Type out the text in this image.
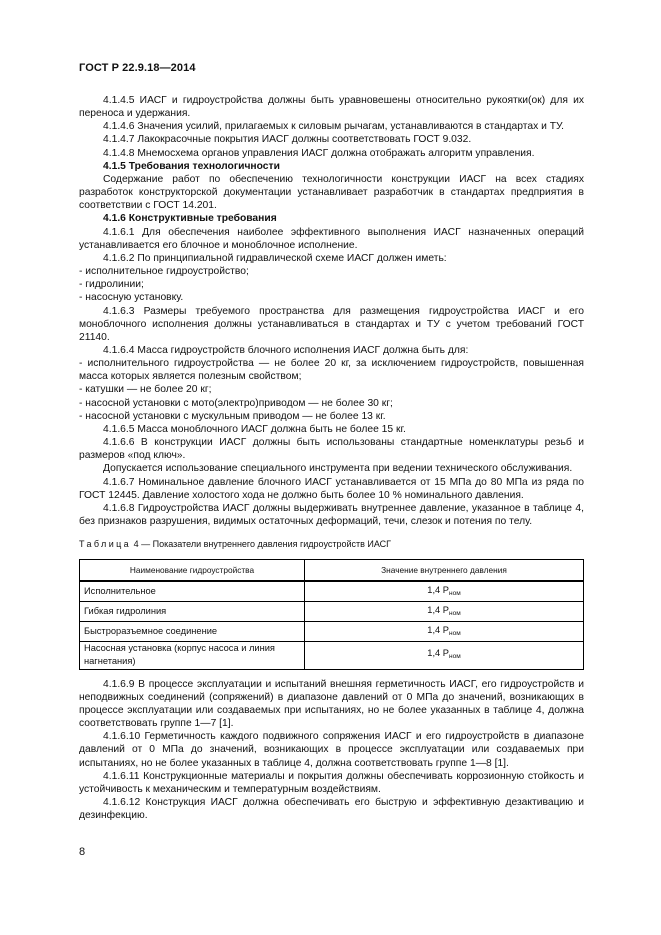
ГОСТ Р 22.9.18—2014

4.1.4.5 ИАСГ и гидроустройства должны быть уравновешены относительно рукоятки(ок) для их переноса и удержания.

4.1.4.6 Значения усилий, прилагаемых к силовым рычагам, устанавливаются в стандартах и ТУ.

4.1.4.7 Лакокрасочные покрытия ИАСГ должны соответствовать ГОСТ 9.032.

4.1.4.8 Мнемосхема органов управления ИАСГ должна отображать алгоритм управления.

4.1.5 Требования технологичности

Содержание работ по обеспечению технологичности конструкции ИАСГ на всех стадиях разработок конструкторской документации устанавливает разработчик в стандартах предприятия в соответствии с ГОСТ 14.201.

4.1.6 Конструктивные требования

4.1.6.1 Для обеспечения наиболее эффективного выполнения ИАСГ назначенных операций устанавливается его блочное и моноблочное исполнение.

4.1.6.2 По принципиальной гидравлической схеме ИАСГ должен иметь:

- исполнительное гидроустройство;

- гидролинии;

- насосную установку.

4.1.6.3 Размеры требуемого пространства для размещения гидроустройства ИАСГ и его моноблочного исполнения должны устанавливаться в стандартах и ТУ с учетом требований ГОСТ 21140.

4.1.6.4 Масса гидроустройств блочного исполнения ИАСГ должна быть для:

- исполнительного гидроустройства — не более 20 кг, за исключением гидроустройств, повышенная масса которых является полезным свойством;

- катушки — не более 20 кг;

- насосной установки с мото(электро)приводом — не более 30 кг;

- насосной установки с мускульным приводом — не более 13 кг.

4.1.6.5 Масса моноблочного ИАСГ должна быть не более 15 кг.

4.1.6.6 В конструкции ИАСГ должны быть использованы стандартные номенклатуры резьб и размеров «под ключ».

Допускается использование специального инструмента при ведении технического обслуживания.

4.1.6.7 Номинальное давление блочного ИАСГ устанавливается от 15 МПа до 80 МПа из ряда по ГОСТ 12445. Давление холостого хода не должно быть более 10 % номинального давления.

4.1.6.8 Гидроустройства ИАСГ должны выдерживать внутреннее давление, указанное в таблице 4, без признаков разрушения, видимых остаточных деформаций, течи, слезок и потения по телу.

Таблица 4 — Показатели внутреннего давления гидроустройств ИАСГ
Наименование гидроустройства	Значение внутреннего давления
Исполнительное	1,4 $P_{ном}$
Гибкая гидролиния	1,4 $P_{ном}$
Быстроразъемное соединение	1,4 $P_{ном}$
Насосная установка (корпус насоса и линия нагнетания)	1,4 $P_{ном}$

4.1.6.9 В процессе эксплуатации и испытаний внешняя герметичность ИАСГ, его гидроустройств и неподвижных соединений (сопряжений) в диапазоне давлений от 0 МПа до значений, возникающих в процессе эксплуатации или создаваемых при испытаниях, но не более указанных в таблице 4, должна соответствовать группе 1—7 [1].

4.1.6.10 Герметичность каждого подвижного сопряжения ИАСГ и его гидроустройств в диапазоне давлений от 0 МПа до значений, возникающих в процессе эксплуатации или создаваемых при испытаниях, но не более указанных в таблице 4, должна соответствовать группе 1—8 [1].

4.1.6.11 Конструкционные материалы и покрытия должны обеспечивать коррозионную стойкость и устойчивость к механическим и температурным воздействиям.

4.1.6.12 Конструкция ИАСГ должна обеспечивать его быструю и эффективную дезактивацию и дезинфекцию.

8
